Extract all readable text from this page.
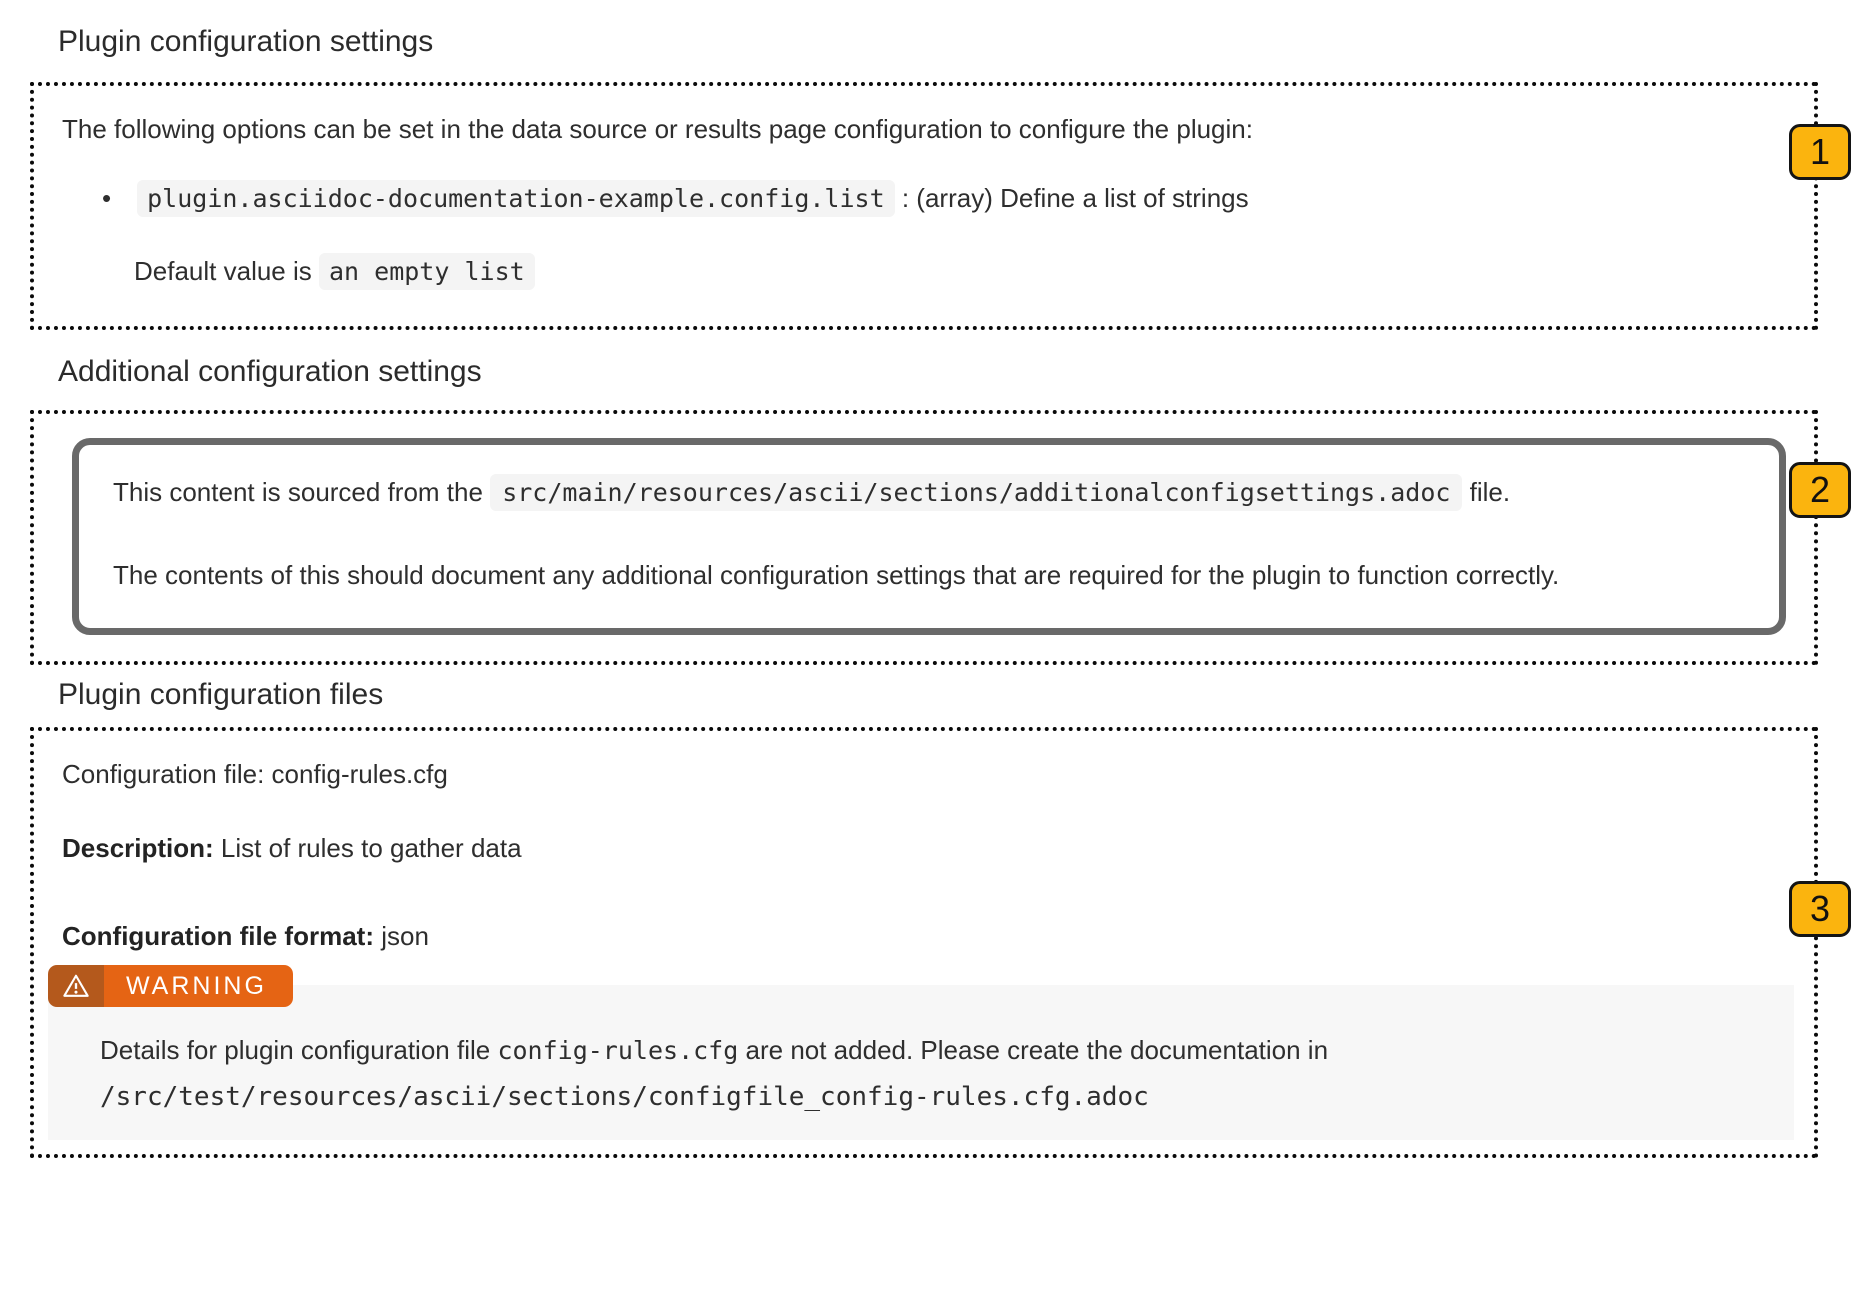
Plugin configuration settings

The following options can be set in the data source or results page configuration to configure the plugin:

•	plugin.asciidoc-documentation-example.config.list : (array) Define a list of strings

Default value is an empty list

Additional configuration settings

This content is sourced from the src/main/resources/ascii/sections/additionalconfigsettings.adoc file.

The contents of this should document any additional configuration settings that are required for the plugin to function correctly.

Plugin configuration files

Configuration file: config-rules.cfg

Description: List of rules to gather data

Configuration file format: json

WARNING

Details for plugin configuration file config-rules.cfg are not added. Please create the documentation in

/src/test/resources/ascii/sections/configfile_config-rules.cfg.adoc

1
2
3
